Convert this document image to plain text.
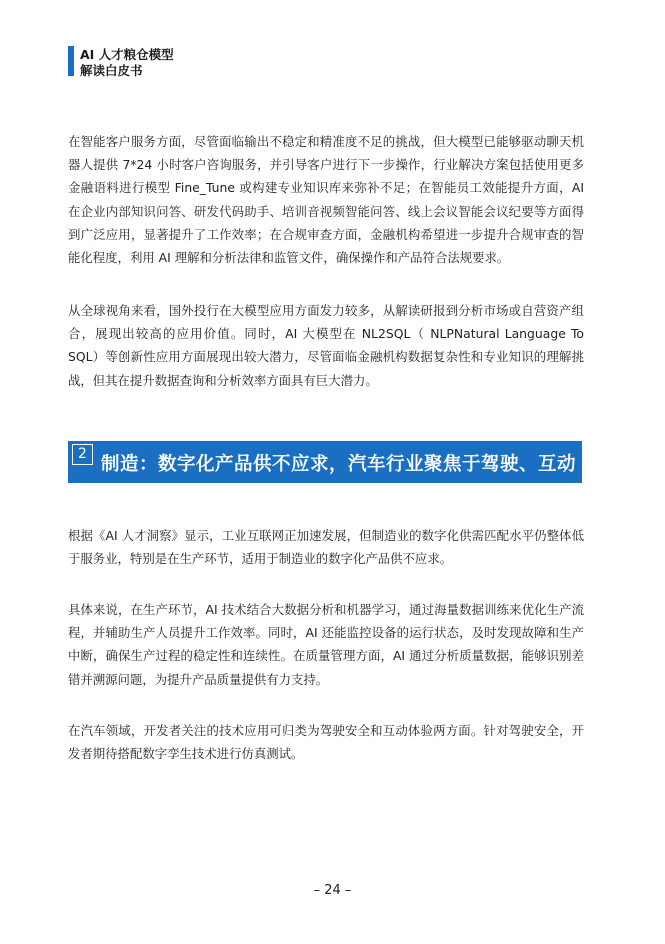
AI 人才粮仓模型
解读白皮书

在智能客户服务方面，尽管面临输出不稳定和精准度不足的挑战，但大模型已能够驱动聊天机器人提供 7*24 小时客户咨询服务，并引导客户进行下一步操作，行业解决方案包括使用更多金融语料进行模型 Fine_Tune 或构建专业知识库来弥补不足；在智能员工效能提升方面，AI 在企业内部知识问答、研发代码助手、培训音视频智能问答、线上会议智能会议纪要等方面得到广泛应用，显著提升了工作效率；在合规审查方面，金融机构希望进一步提升合规审查的智能化程度，利用 AI 理解和分析法律和监管文件，确保操作和产品符合法规要求。

从全球视角来看，国外投行在大模型应用方面发力较多，从解读研报到分析市场或自营资产组合，展现出较高的应用价值。同时，AI 大模型在 NL2SQL（ NLPNatural Language To SQL）等创新性应用方面展现出较大潜力，尽管面临金融机构数据复杂性和专业知识的理解挑战，但其在提升数据查询和分析效率方面具有巨大潜力。

2 制造：数字化产品供不应求，汽车行业聚焦于驾驶、互动

根据《AI 人才洞察》显示，工业互联网正加速发展，但制造业的数字化供需匹配水平仍整体低于服务业，特别是在生产环节，适用于制造业的数字化产品供不应求。

具体来说，在生产环节，AI 技术结合大数据分析和机器学习，通过海量数据训练来优化生产流程，并辅助生产人员提升工作效率。同时，AI 还能监控设备的运行状态，及时发现故障和生产中断，确保生产过程的稳定性和连续性。在质量管理方面，AI 通过分析质量数据，能够识别差错并溯源问题，为提升产品质量提供有力支持。

在汽车领域，开发者关注的技术应用可归类为驾驶安全和互动体验两方面。针对驾驶安全，开发者期待搭配数字孪生技术进行仿真测试。

– 24 –
